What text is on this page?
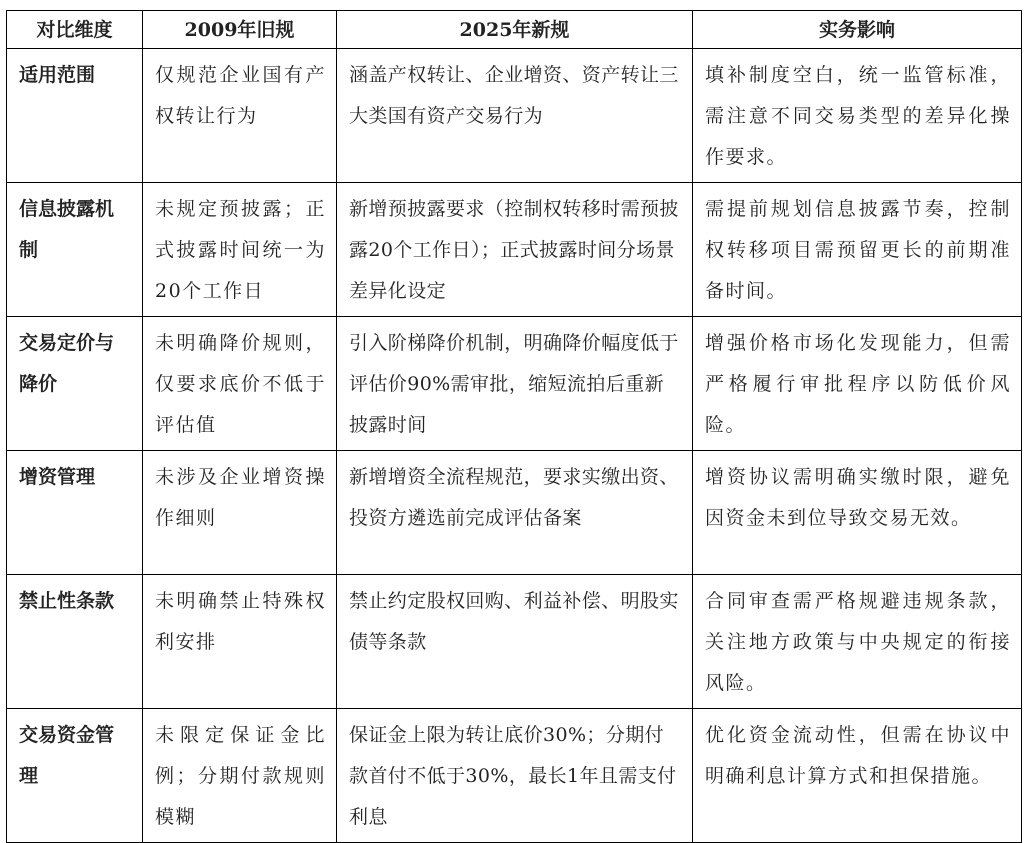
对比维度	2009年旧规	2025年新规	实务影响
适用范围	仅规范企业国有产权转让行为	涵盖产权转让、企业增资、资产转让三大类国有资产交易行为	填补制度空白，统一监管标准，需注意不同交易类型的差异化操作要求。
信息披露机制	未规定预披露；正式披露时间统一为20个工作日	新增预披露要求（控制权转移时需预披露20个工作日）；正式披露时间分场景差异化设定	需提前规划信息披露节奏，控制权转移项目需预留更长的前期准备时间。
交易定价与降价	未明确降价规则，仅要求底价不低于评估值	引入阶梯降价机制，明确降价幅度低于评估价90%需审批，缩短流拍后重新披露时间	增强价格市场化发现能力，但需严格履行审批程序以防低价风险。
增资管理	未涉及企业增资操作细则	新增增资全流程规范，要求实缴出资、投资方遴选前完成评估备案	增资协议需明确实缴时限，避免因资金未到位导致交易无效。
禁止性条款	未明确禁止特殊权利安排	禁止约定股权回购、利益补偿、明股实债等条款	合同审查需严格规避违规条款，关注地方政策与中央规定的衔接风险。
交易资金管理	未限定保证金比例；分期付款规则模糊	保证金上限为转让底价30%；分期付款首付不低于30%，最长1年且需支付利息	优化资金流动性，但需在协议中明确利息计算方式和担保措施。
